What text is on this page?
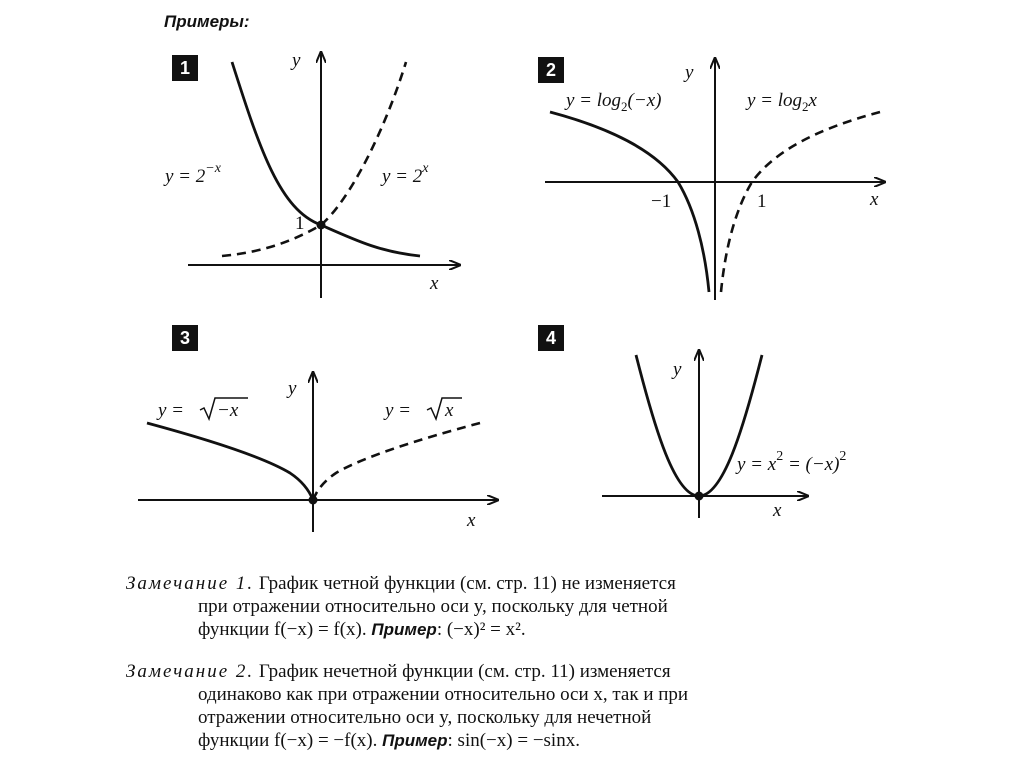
Примеры:
1	2
3	4
y
x
1
$y = 2^{-x}$	$y = 2^x$
y
x
−1	1
$y = \log_2(-x)$	$y = \log_2x$
y
x
y = −x	y = x
y
x
$y = x^2 = (-x)^2$
Замечание 1. График четной функции (см. стр. 11) не изменяется
при отражении относительно оси y, поскольку для четной
функции f(−x) = f(x). Пример: (−x)² = x².
Замечание 2. График нечетной функции (см. стр. 11) изменяется
одинаково как при отражении относительно оси x, так и при
отражении относительно оси y, поскольку для нечетной
функции f(−x) = −f(x). Пример: sin(−x) = −sinx.
